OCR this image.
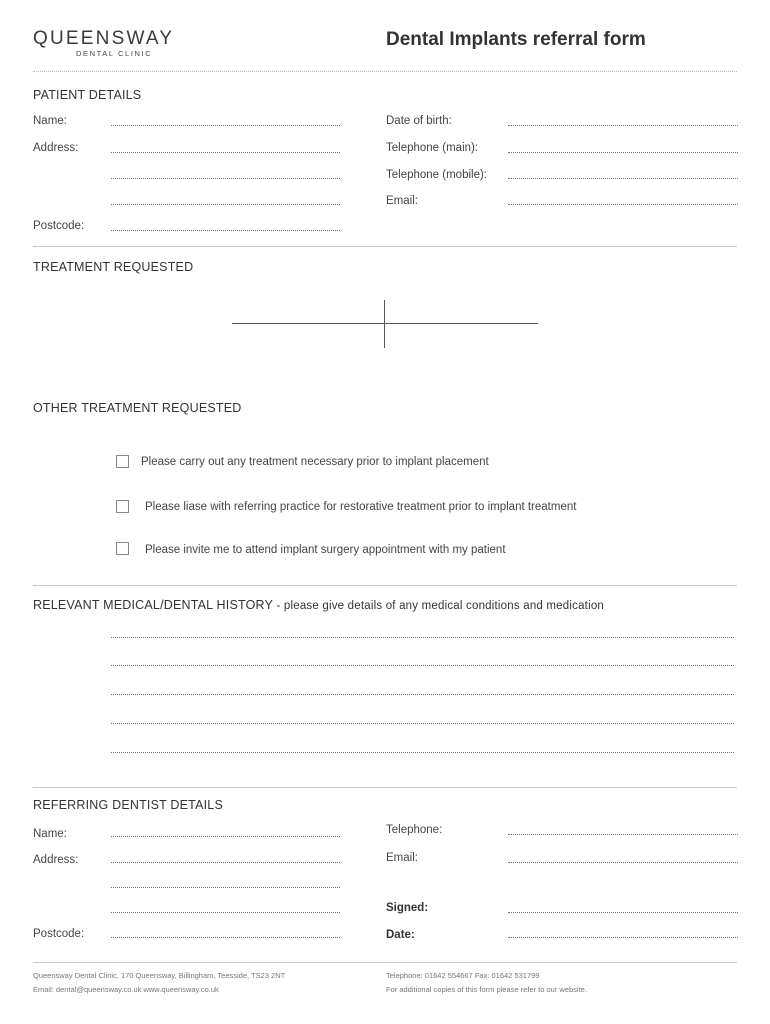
QUEENSWAY
DENTAL CLINIC
Dental Implants referral form
PATIENT DETAILS
Name:
Address:
Postcode:
Date of birth:
Telephone (main):
Telephone (mobile):
Email:
TREATMENT REQUESTED
OTHER TREATMENT REQUESTED
Please carry out any treatment necessary prior to implant placement
Please liase with referring practice for restorative treatment prior to implant treatment
Please invite me to attend implant surgery appointment with my patient
RELEVANT MEDICAL/DENTAL HISTORY - please give details of any medical conditions and medication
REFERRING DENTIST DETAILS
Name:
Address:
Postcode:
Telephone:
Email:
Signed:
Date:
Queensway Dental Clinic, 170 Queensway, Billingham, Teesside, TS23 2NT
Email: dental@queensway.co.uk www.queensway.co.uk
Telephone: 01642 554667 Fax: 01642 531799
For additional copies of this form please refer to our website.
